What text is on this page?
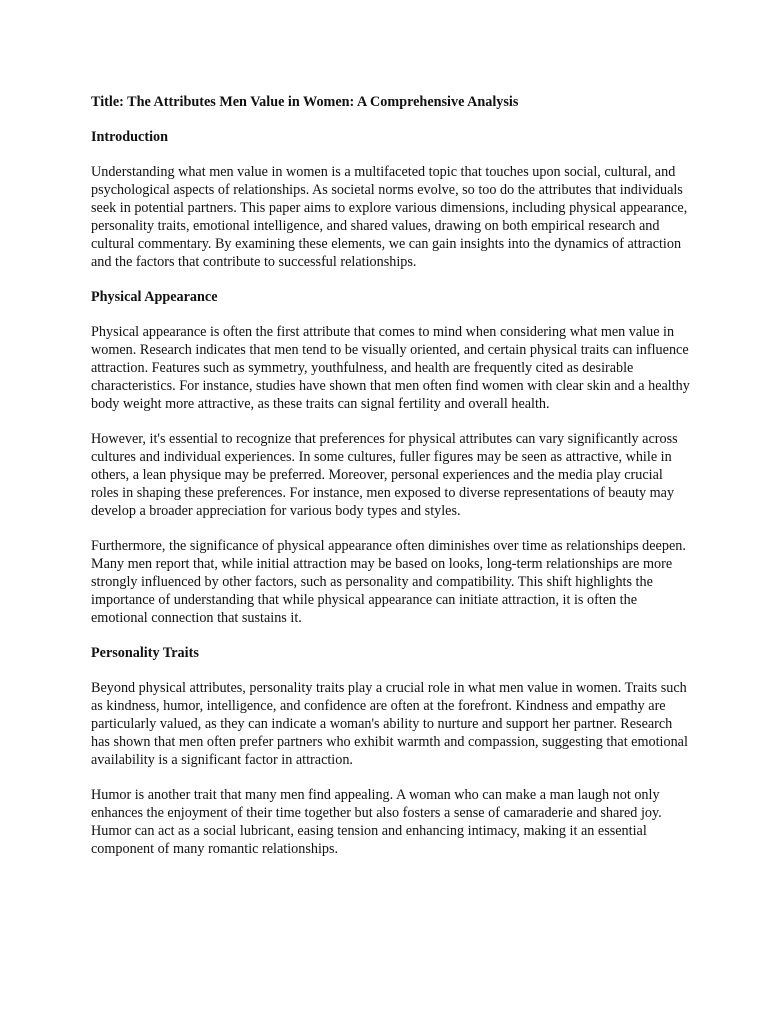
Title: The Attributes Men Value in Women: A Comprehensive Analysis

Introduction

Understanding what men value in women is a multifaceted topic that touches upon social, cultural, and psychological aspects of relationships. As societal norms evolve, so too do the attributes that individuals seek in potential partners. This paper aims to explore various dimensions, including physical appearance, personality traits, emotional intelligence, and shared values, drawing on both empirical research and cultural commentary. By examining these elements, we can gain insights into the dynamics of attraction and the factors that contribute to successful relationships.

Physical Appearance

Physical appearance is often the first attribute that comes to mind when considering what men value in women. Research indicates that men tend to be visually oriented, and certain physical traits can influence attraction. Features such as symmetry, youthfulness, and health are frequently cited as desirable characteristics. For instance, studies have shown that men often find women with clear skin and a healthy body weight more attractive, as these traits can signal fertility and overall health.

However, it's essential to recognize that preferences for physical attributes can vary significantly across cultures and individual experiences. In some cultures, fuller figures may be seen as attractive, while in others, a lean physique may be preferred. Moreover, personal experiences and the media play crucial roles in shaping these preferences. For instance, men exposed to diverse representations of beauty may develop a broader appreciation for various body types and styles.

Furthermore, the significance of physical appearance often diminishes over time as relationships deepen. Many men report that, while initial attraction may be based on looks, long-term relationships are more strongly influenced by other factors, such as personality and compatibility. This shift highlights the importance of understanding that while physical appearance can initiate attraction, it is often the emotional connection that sustains it.

Personality Traits

Beyond physical attributes, personality traits play a crucial role in what men value in women. Traits such as kindness, humor, intelligence, and confidence are often at the forefront. Kindness and empathy are particularly valued, as they can indicate a woman's ability to nurture and support her partner. Research has shown that men often prefer partners who exhibit warmth and compassion, suggesting that emotional availability is a significant factor in attraction.

Humor is another trait that many men find appealing. A woman who can make a man laugh not only enhances the enjoyment of their time together but also fosters a sense of camaraderie and shared joy. Humor can act as a social lubricant, easing tension and enhancing intimacy, making it an essential component of many romantic relationships.
